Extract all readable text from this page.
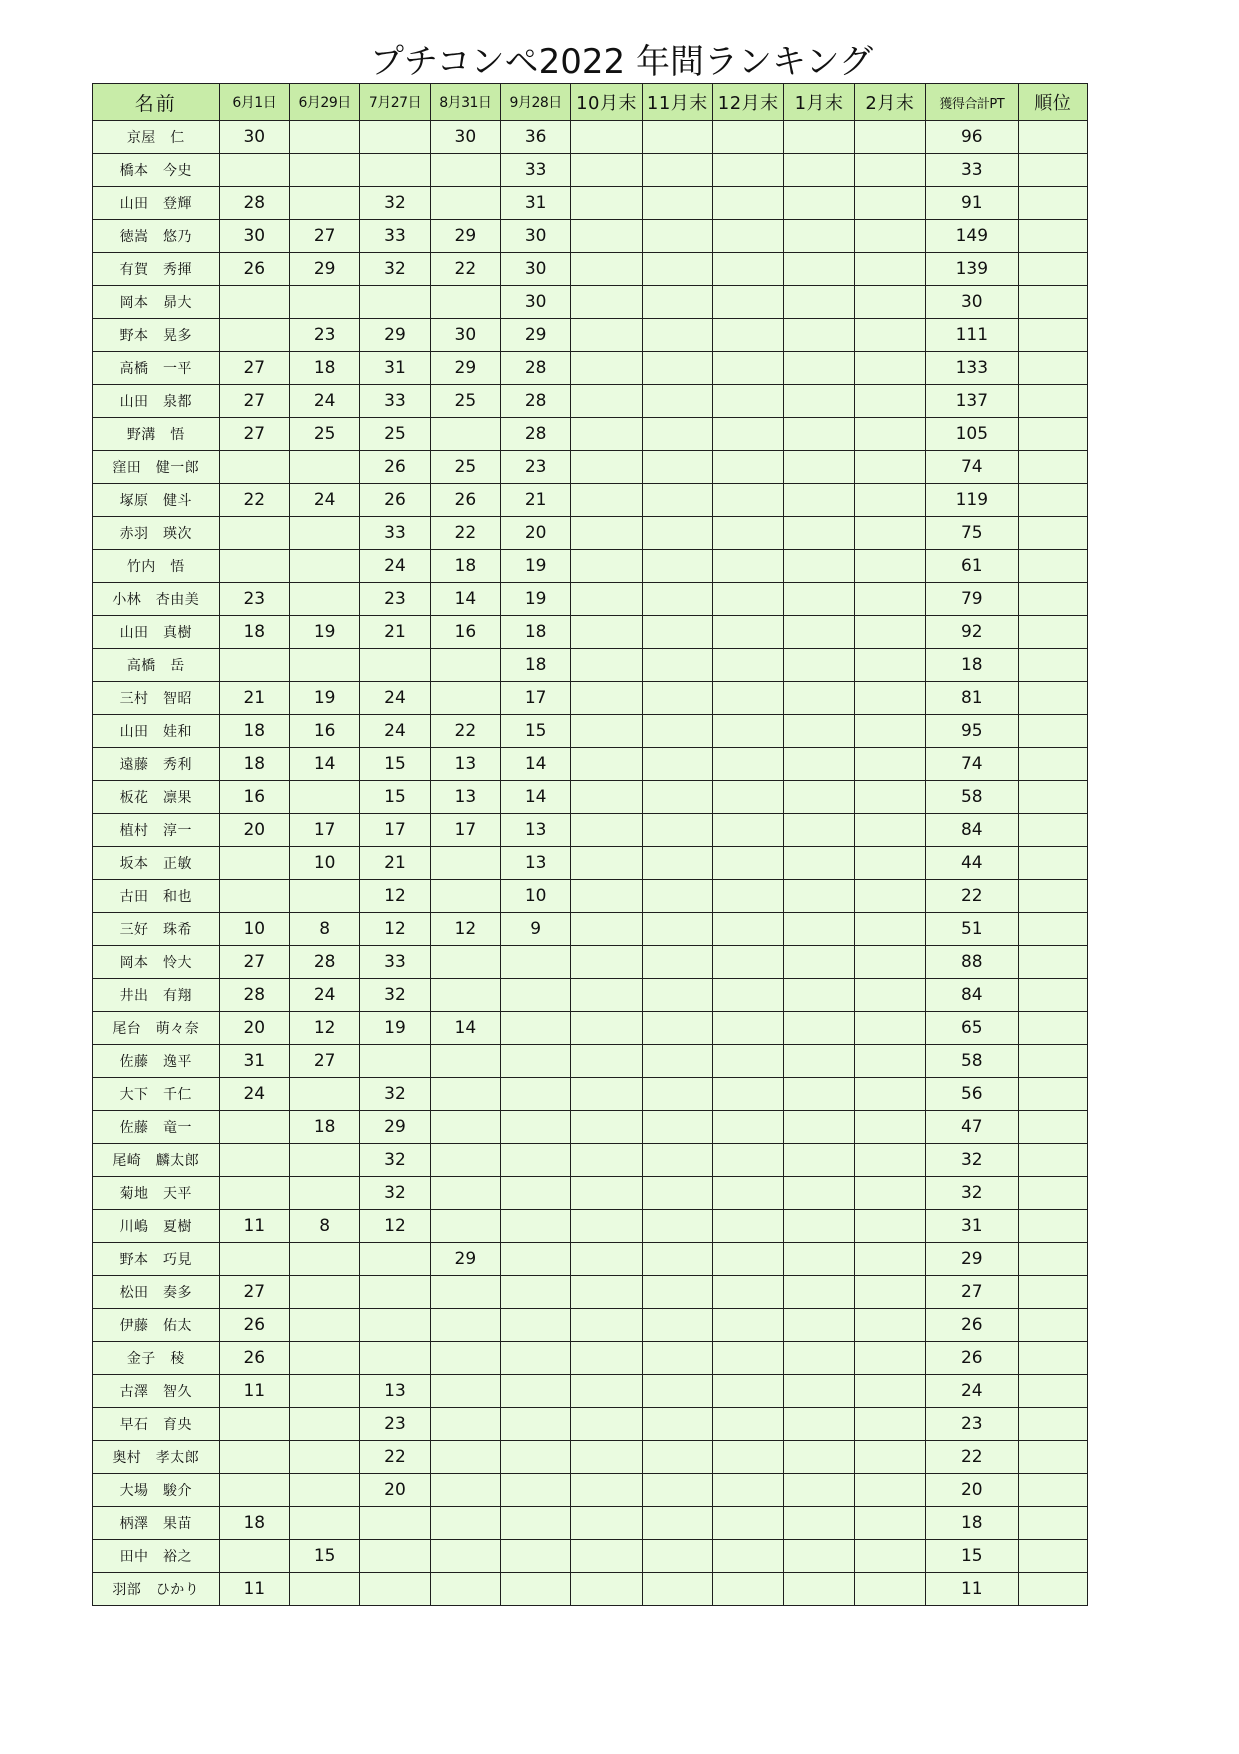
プチコンペ2022 年間ランキング
名前	6月1日	6月29日	7月27日	8月31日	9月28日	10月末	11月末	12月末	1月末	2月末	獲得合計PT	順位
京屋　仁	30			30	36						96	
橋本　今史					33						33	
山田　登輝	28		32		31						91	
徳嵩　悠乃	30	27	33	29	30						149	
有賀　秀揮	26	29	32	22	30						139	
岡本　昴大					30						30	
野本　晃多		23	29	30	29						111	
高橋　一平	27	18	31	29	28						133	
山田　泉都	27	24	33	25	28						137	
野溝　悟	27	25	25		28						105	
窪田　健一郎			26	25	23						74	
塚原　健斗	22	24	26	26	21						119	
赤羽　瑛次			33	22	20						75	
竹内　悟			24	18	19						61	
小林　杏由美	23		23	14	19						79	
山田　真樹	18	19	21	16	18						92	
高橋　岳					18						18	
三村　智昭	21	19	24		17						81	
山田　娃和	18	16	24	22	15						95	
遠藤　秀利	18	14	15	13	14						74	
板花　凛果	16		15	13	14						58	
植村　淳一	20	17	17	17	13						84	
坂本　正敏		10	21		13						44	
古田　和也			12		10						22	
三好　珠希	10	8	12	12	9						51	
岡本　怜大	27	28	33								88	
井出　有翔	28	24	32								84	
尾台　萌々奈	20	12	19	14							65	
佐藤　逸平	31	27									58	
大下　千仁	24		32								56	
佐藤　竜一		18	29								47	
尾崎　麟太郎			32								32	
菊地　天平			32								32	
川嶋　夏樹	11	8	12								31	
野本　巧見				29							29	
松田　奏多	27										27	
伊藤　佑太	26										26	
金子　稜	26										26	
古澤　智久	11		13								24	
早石　育央			23								23	
奥村　孝太郎			22								22	
大場　駿介			20								20	
柄澤　果苗	18										18	
田中　裕之		15									15	
羽部　ひかり	11										11	
